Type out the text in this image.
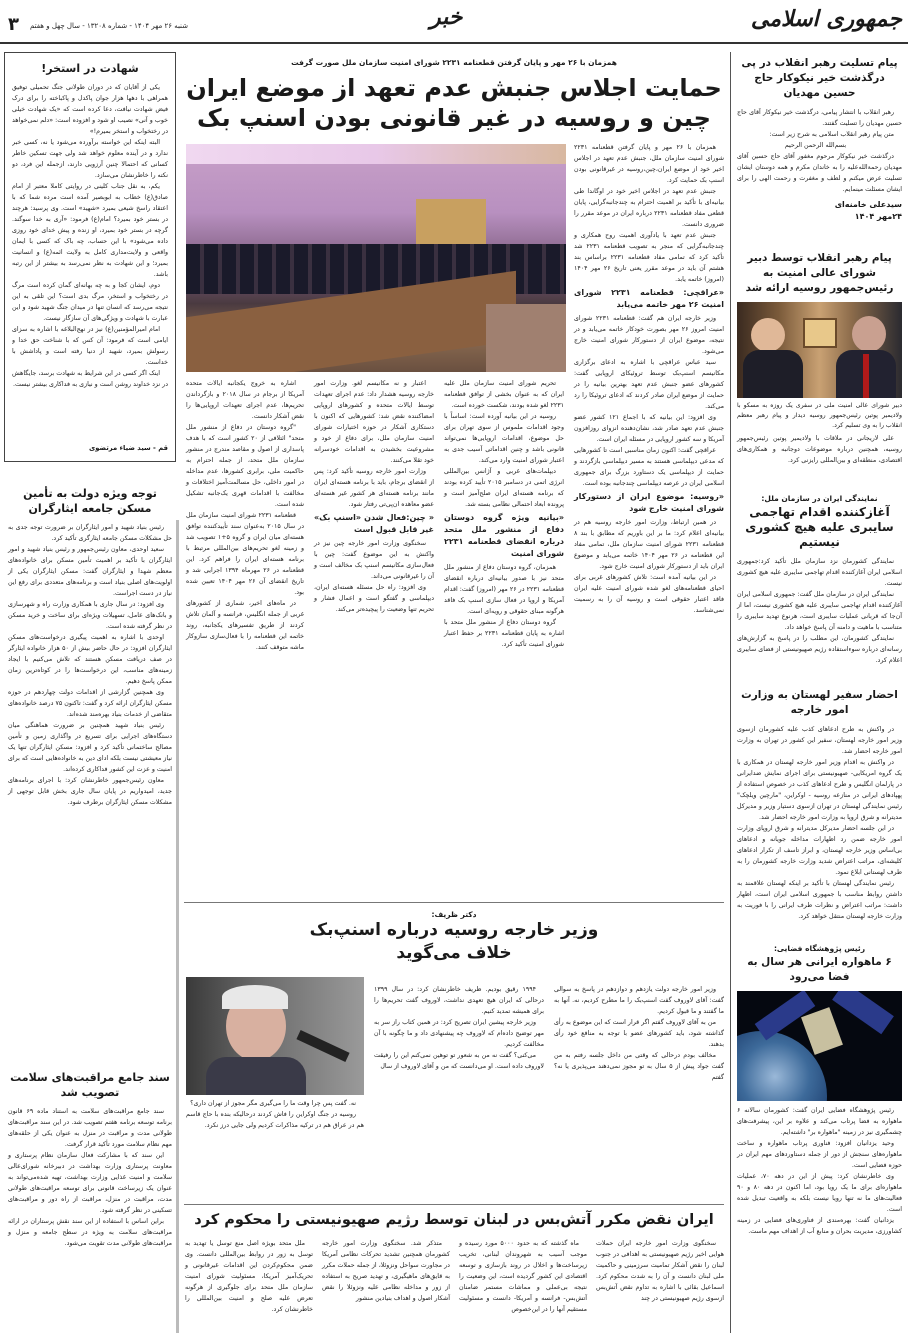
جمهوری اسلامی
خبر
شنبه ۲۶ مهر ۱۴۰۴ - شماره ۱۳۲۰۸ - سال چهل و هفتم
۳
پیام تسلیت رهبر انقلاب در پی درگذشت خیر نیکوکار حاج حسین مهدیان

رهبر انقلاب با انتشار پیامی، درگذشت خیر نیکوکار آقای حاج حسین مهدیان را تسلیت گفتند.

متن پیام رهبر انقلاب اسلامی به شرح زیر است:

بسم‌الله الرحمن الرحیم

درگذشت خیر نیکوکار مرحوم مغفور آقای حاج حسین آقای مهدیان رحمةالله‌علیه را به خاندان مکرم و همه دوستان ایشان تسلیت عرض میکنم و لطف و مغفرت و رحمت الهی را برای ایشان مسئلت مینمایم.

سیدعلی خامنه‌ای
۲۴مهر ۱۴۰۴
پیام رهبر انقلاب توسط دبیر شورای عالی امنیت به رئیس‌جمهور روسیه ارائه شد
دبیر شورای عالی امنیت ملی در سفری یک روزه به مسکو با ولادیمیر پوتین رئیس‌جمهور روسیه دیدار و پیام رهبر معظم انقلاب را به وی تسلیم کرد.

علی لاریجانی در ملاقات با ولادیمیر پوتین رئیس‌جمهور روسیه، همچنین درباره موضوعات دوجانبه و همکاری‌های اقتصادی، منطقه‌ای و بین‌المللی رایزنی کرد.

نمایندگی ایران در سازمان ملل:
آغازکننده اقدام تهاجمی سایبری علیه هیچ کشوری نیستیم

نمایندگی کشورمان نزد سازمان ملل تأکید کرد:جمهوری اسلامی ایران آغازکننده اقدام تهاجمی سایبری علیه هیچ کشوری نیست.

نمایندگی ایران در سازمان ملل گفت: جمهوری اسلامی ایران آغازکننده اقدام تهاجمی سایبری علیه هیچ کشوری نیست، اما از آن‌جا که قربانی عملیات سایبری است، هرنوع تهدید سایبری را متناسب با ماهیت و دامنه آن پاسخ خواهد داد.

نمایندگی کشورمان، این مطلب را در پاسخ به گزارش‌های رسانه‌ای درباره سوءاستفاده رژیم صهیونیستی از فضای سایبری اعلام کرد.

احضار سفیر لهستان به وزارت امور خارجه

در واکنش به طرح ادعاهای کذب علیه کشورمان ازسوی وزیر امور خارجه لهستان، سفیر این کشور در تهران به وزارت امور خارجه احضار شد.

در واکنش به اقدام وزیر امور خارجه لهستان در همکاری با یک گروه امریکایی- صهیونیستی برای اجرای نمایش ضدایرانی در پارلمان انگلیس و طرح ادعاهای کذب در خصوص استفاده از پهپادهای ایرانی در منازعه روسیه - اوکراین، "مارچین ویلچک" رئیس نمایندگی لهستان در تهران ازسوی دستیار وزیر و مدیرکل مدیترانه و شرق اروپا به وزارت امور خارجه احضار شد.

در این جلسه احضار مدیرکل مدیترانه و شرق اروپای وزارت امور خارجه ضمن رد اظهارات مداخله جویانه و ادعاهای بی‌اساس وزیر خارجه لهستان، و ابراز تاسف از تکرار ادعاهای کلیشه‌ای، مراتب اعتراض شدید وزارت خارجه کشورمان را به طرف لهستانی ابلاغ نمود.

رئیس نمایندگی لهستان با تأکید بر اینکه لهستان علاقمند به داشتن روابط مناسب با جمهوری اسلامی ایران است، اظهار داشت: مراتب اعتراض و نظرات طرف ایرانی را با فوریت به وزارت خارجه لهستان منتقل خواهد کرد.

رئیس پژوهشگاه فضایی:
۶ ماهواره ایرانی هر سال به فضا می‌رود

رئیس پژوهشگاه فضایی ایران گفت: کشورمان سالانه ۶ ماهواره به فضا پرتاب می‌کند و علاوه بر این، پیشرفت‌های چشمگیری نیز در زمینه "ماهواره بر" داشته‌ایم.

وحید یزدانیان افزود: فناوری پرتاب ماهواره و ساخت ماهواره‌های سنجش از دور از جمله دستاوردهای مهم ایران در حوزه فضایی است.

وی خاطرنشان کرد: پیش از این در دهه ۷۰، عملیات ماهواره‌ای برای ما یک رویا بود، اما اکنون در دهه ۸۰ و ۹۰ فعالیت‌های ما نه تنها رویا نیست بلکه به واقعیت تبدیل شده است.

یزدانیان گفت: بهره‌مندی از فناوری‌های فضایی در زمینه کشاورزی، مدیریت بحران و منابع آب از اهداف مهم ماست.

همزمان با ۲۶ مهر و پایان گرفتن قطعنامه ۲۲۳۱ شورای امنیت سازمان ملل صورت گرفت
حمایت اجلاس جنبش عدم تعهد از موضع ایران
چین و روسیه در غیر قانونی بودن اسنپ بک

همزمان با ۲۶ مهر و پایان گرفتن قطعنامه ۲۲۳۱ شورای امنیت سازمان ملل، جنبش عدم تعهد در اجلاس اخیر خود از موضع ایران،چین،روسیه در غیرقانونی بودن اسنپ بک حمایت کرد.

جنبش عدم تعهد در اجلاس اخیر خود در اوگاندا طی بیانیه‌ای با تأکید بر اهمیت احترام به چندجانبه‌گرایی، پایان قطعی مفاد قطعنامه ۲۲۳۱ درباره ایران در موعد مقرر را ضروری دانست.

جنبش عدم تعهد با یادآوری اهمیت روح همکاری و چندجانبه‌گرایی که منجر به تصویب قطعنامه ۲۲۳۱ شد تأکید کرد که تمامی مفاد قطعنامه ۲۲۳۱ براساس بند هشتم آن باید در موعد مقرر یعنی تاریخ ۲۶ مهر ۱۴۰۴ (امروز) خاتمه یابد.

«عراقچی: قطعنامه ۲۲۳۱ شورای امنیت ۲۶ مهر خاتمه می‌یابد

وزیر خارجه ایران هم گفت: قطعنامه ۲۲۳۱ شورای امنیت امروز ۲۶ مهر بصورت خودکار خاتمه می‌یابد و در نتیجه، موضوع ایران از دستورکار شورای امنیت خارج می‌شود.

سید عباس عراقچی با اشاره به ادعای برگزاری مکانیسم اسنپ‌بک توسط تروئیکای اروپایی گفت: کشورهای عضو جنبش عدم تعهد بهترین بیانیه را در حمایت از موضع ایران صادر کردند که ادعای تروئیکا را رد می‌کند.

وی افزود: این بیانیه که با اجماع ۱۲۱ کشور عضو جنبش عدم تعهد صادر شد، نشان‌دهنده انزوای روزافزون آمریکا و سه کشور اروپایی در مسئله ایران است.

عراقچی گفت: اکنون زمان مناسبی است تا کشورهایی که مدعی دیپلماسی هستند به مسیر دیپلماسی بازگردند و حمایت از دیپلماسی یک دستاورد بزرگ برای جمهوری اسلامی ایران در عرصه دیپلماسی چندجانبه بوده است.

«روسیه: موضوع ایران از دستورکار شورای امنیت خارج شود

در همین ارتباط، وزارت امور خارجه روسیه هم در بیانیه‌ای اعلام کرد: ما بر این باوریم که مطابق با بند ۸ قطعنامه ۲۲۳۱ شورای امنیت سازمان ملل، تمامی مفاد این قطعنامه در ۲۶ مهر ۱۴۰۴ خاتمه می‌یابد و موضوع ایران باید از دستورکار شورای امنیت خارج شود.

در این بیانیه آمده است: تلاش کشورهای غربی برای احیای قطعنامه‌های لغو شده شورای امنیت علیه ایران فاقد اعتبار حقوقی است و روسیه آن را به رسمیت نمی‌شناسد.

تحریم شورای امنیت سازمان ملل علیه ایران که به عنوان بخشی از توافق قطعنامه ۲۲۳۱ لغو شده بودند، شکست خورده است.

روسیه در این بیانیه آورده است: اساساً با وجود اقدامات ملموس از سوی تهران برای حل موضوع، اقدامات اروپایی‌ها نمی‌تواند قانونی باشد و چنین اقداماتی آسیب جدی به اعتبار شورای امنیت وارد می‌کند.

دیپلمات‌های غربی و آژانس بین‌المللی انرژی اتمی در دسامبر ۲۰۱۵ تأیید کرده بودند که برنامه هسته‌ای ایران صلح‌آمیز است و پرونده ابعاد احتمالی نظامی بسته شد.

«بیانیه ویژه گروه دوستان دفاع از منشور ملل متحد درباره انقضای قطعنامه ۲۲۳۱ شورای امنیت

همزمان، گروه دوستان دفاع از منشور ملل متحد نیز با صدور بیانیه‌ای درباره انقضای قطعنامه ۲۲۳۱ در ۲۶ مهر (امروز) گفت: اقدام آمریکا و اروپا در فعال سازی اسنپ بک فاقد هرگونه مبنای حقوقی و رویه‌ای است.

گروه دوستان دفاع از منشور ملل متحد با اشاره به پایان قطعنامه ۲۲۳۱ بر حفظ اعتبار شورای امنیت تأکید کرد.

اعتبار و نه مکانیسم لغو. وزارت امور خارجه روسیه هشدار داد: عدم اجرای تعهدات توسط ایالات متحده و کشورهای اروپایی امضاکننده نقض شد: کشورهایی که اکنون با دستکاری آشکار در حوزه اختیارات شورای امنیت سازمان ملل، برای دفاع از خود و مشروعیت بخشیدن به اقدامات خودسرانه خود تقلا می‌کنند.

وزارت امور خارجه روسیه تأکید کرد: پس از انقضای برجام، باید با برنامه هسته‌ای ایران مانند برنامه هسته‌ای هر کشور غیر هسته‌ای عضو معاهده ان‌پی‌تی رفتار شود.

« چین:فعال شدن «اسنپ بک» غیر قابل قبول است

سخنگوی وزارت امور خارجه چین نیز در واکنش به این موضوع گفت: چین با فعال‌سازی مکانیسم اسنپ بک مخالف است و آن را غیرقانونی می‌داند.

وی افزود: راه حل مسئله هسته‌ای ایران، دیپلماسی و گفتگو است و اعمال فشار و تحریم تنها وضعیت را پیچیده‌تر می‌کند.

اشاره به خروج یکجانبه ایالات متحده آمریکا از برجام در سال ۲۰۱۸ و بازگرداندن تحریم‌ها، عدم اجرای تعهدات اروپایی‌ها را نقض آشکار دانست.

"گروه دوستان در دفاع از منشور ملل متحد" ائتلافی از ۲۰ کشور است که با هدف پاسداری از اصول و مقاصد مندرج در منشور سازمان ملل متحد، از جمله احترام به حاکمیت ملی، برابری کشورها، عدم مداخله در امور داخلی، حل مسالمت‌آمیز اختلافات و مخالفت با اقدامات قهری یک‌جانبه تشکیل شده است.

قطعنامه ۲۲۳۱ شورای امنیت سازمان ملل در سال ۲۰۱۵ به‌عنوان سند تأییدکننده توافق هسته‌ای میان ایران و گروه ۵+۱ تصویب شد و زمینه لغو تحریم‌های بین‌المللی مرتبط با برنامه هسته‌ای ایران را فراهم کرد. این قطعنامه در ۲۶ مهرماه ۱۳۹۴ اجرایی شد و تاریخ انقضای آن ۲۶ مهر ۱۴۰۴ تعیین شده بود.

در ماه‌های اخیر، شماری از کشورهای غربی از جمله انگلیس، فرانسه و آلمان تلاش کردند از طریق تفسیرهای یکجانبه، روند خاتمه این قطعنامه را با فعال‌سازی سازوکار ماشه متوقف کنند.

دکتر ظریف:
وزیر خارجه روسیه درباره اسنپ‌بک
خلاف می‌گوید

نه. گفت پس چرا وقت ما را می‌گیری مگر مجوز از تهران داری؟

روسیه در جنگ اوکراین را فاش کردند درحالیکه بنده با حاج قاسم هم در عراق هم در ترکیه مذاکرات کردیم ولی جایی درز نکرد.

وزیر امور خارجه دولت یازدهم و دوازدهم در پاسخ به سوالی گفت: آقای لاوروف گفت اسنپ‌بک را ما مطرح کردیم، نه. آنها به ما گفتند و ما قبول کردیم.

من به آقای لاوروف گفتم اگر قرار است که این موضوع به رأی گذاشته شود، باید کشورهای عضو با توجه به منافع خود رأی بدهند.

مخالف بودم درحالی که وقتی من داخل جلسه رفتم به من گفت جواد پیش از ۵ سال به تو مجوز نمی‌دهند می‌پذیری یا نه؟ گفتم

۱۹۹۴ رقیق بودیم. ظریف خاطرنشان کرد: در سال ۱۳۹۹ درحالی که ایران هیچ تعهدی نداشت، لاوروف گفت تحریم‌ها را برای همیشه تمدید کنیم.

وزیر خارجه پیشین ایران تصریح کرد: در همین کتاب راز سر به مهر توضیح داده‌ام که لاوروف چه پیشنهادی داد و ما چگونه با آن مخالفت کردیم.

می‌کنی؟ گفت نه من به شعور تو توهین نمی‌کنم این را رفیقت لاوروف داده است. او می‌دانست که من و آقای لاوروف از سال

ایران نقض مکرر آتش‌بس در لبنان توسط رژیم صهیونیستی را محکوم کرد

سخنگوی وزارت امور خارجه ایران حملات هوایی اخیر رژیم صهیونیستی به اهدافی در جنوب لبنان را نقض آشکار تمامیت سرزمینی و حاکمیت ملی لبنان دانست و آن را به شدت محکوم کرد. اسماعیل بقائی با اشاره به تداوم نقض آتش‌بس ازسوی رژیم صهیونیستی در چند

ماه گذشته که به حدود ۵۰۰۰ مورد رسیده و موجب آسیب به شهروندان لبنانی، تخریب زیرساخت‌ها و اخلال در روند بازسازی و توسعه اقتصادی این کشور گردیده است، این وضعیت را نتیجه بی‌عملی و مماشات مستمر ضامنان آتش‌بس- فرانسه و آمریکا- دانست و مسئولیت مستقیم آنها را در این‌خصوص

متذکر شد. سخنگوی وزارت امور خارجه کشورمان همچنین تشدید تحرکات نظامی آمریکا در مجاورت سواحل ونزوئلا، از جمله حملات مکرر به قایق‌های ماهیگیری، و تهدید صریح به استفاده از زور و مداخله نظامی علیه ونزوئلا را نقض آشکار اصول و اهداف بنیادین منشور

ملل متحد بویژه اصل منع توسل یا تهدید به توسل به زور در روابط بین‌المللی دانست. وی ضمن محکوم‌کردن این اقدامات غیرقانونی و تحریک‌آمیز آمریکا، مسئولیت شورای امنیت سازمان ملل متحد برای جلوگیری از هرگونه تعرض علیه صلح و امنیت بین‌المللی را خاطرنشان کرد.

شهادت در استخر!

یکی از آقایان که در دوران طولانی جنگ تحمیلی توفیق همراهی با دهها هزار جوان پاکدل و پاکباخته را برای درک فیض شهادت نیافت، دعا کرده است که «یک شهادت خیلی خوب و آنی» نصیب او شود و افزوده است: «دلم نمی‌خواهد در رختخواب و استخر بمیرم!»

البته اینکه این خواسته برآورده می‌شود یا نه، کسی خبر ندارد و در آینده معلوم خواهد شد ولی جهت تسکین خاطر کسانی که احتمالا چنین آرزویی دارند، ازجمله این فرد، دو نکته را خاطرنشان می‌سازد.

یکم، به نقل جناب کلینی در روایتی کاملا معتبر از امام صادق(ع) خطاب به ابوبصیر آمده است مرده شما که با اعتقاد راسخ شیعی بمیرد «شهید» است. وی پرسید: هرچند در بستر خود بمیرد؟ امام(ع) فرمود: «آری به خدا سوگند. گرچه در بستر خود بمیرد، او زنده و پیش خدای خود روزی داده می‌شود» با این حساب، چه باک که کسی با ایمان واقعی و ولایت‌مداری کامل به ولایت ائمه(ع) و انسانیت بمیرد؛ و این شهادت به نظر نمی‌رسد به بیشتر از این رتبه باشد.

دوم، ایشان کجا و به چه بهانه‌ای گمان کرده است مرگ در رختخواب و استخر، مرگ بدی است؟ این تلقی به این نتیجه می‌رسد که انسان تنها در میدان جنگ شهید شود و این عبارت با شهادت و ویژگی‌های آن سازگار نیست.

امام امیرالمؤمنین(ع) نیز در نهج‌البلاغه با اشاره به سزای ایامی است که فرمود: آن کس که با شناخت حق خدا و رسولش بمیرد، شهید از دنیا رفته است و پاداشش با خداست.

اینک اگر کسی در این شرایط به شهادت برسد، جایگاهش در نزد خداوند روشن است و نیازی به فداکاری بیشتر نیست.

قم - سید ضیاء مرتضوی
توجه ویژه دولت به تأمین مسکن جامعه ایثارگران

رئیس بنیاد شهید و امور ایثارگران بر ضرورت توجه جدی به حل مشکلات مسکن جامعه ایثارگری تأکید کرد.

سعید اوحدی، معاون رئیس‌جمهور و رئیس بنیاد شهید و امور ایثارگران با تأکید بر اهمیت تأمین مسکن برای خانواده‌های معظم شهدا و ایثارگران گفت: مسکن ایثارگران یکی از اولویت‌های اصلی بنیاد است و برنامه‌های متعددی برای رفع این نیاز در دست اجراست.

وی افزود: در سال جاری با همکاری وزارت راه و شهرسازی و بانک‌های عامل، تسهیلات ویژه‌ای برای ساخت و خرید مسکن در نظر گرفته شده است.

اوحدی با اشاره به اهمیت پیگیری درخواست‌های مسکن ایثارگران افزود: در حال حاضر بیش از ۵۰ هزار خانواده ایثارگر در صف دریافت مسکن هستند که تلاش می‌کنیم با ایجاد زمینه‌های مناسب، این درخواست‌ها را در کوتاه‌ترین زمان ممکن پاسخ دهیم.

وی همچنین گزارشی از اقدامات دولت چهاردهم در حوزه مسکن ایثارگران ارائه کرد و گفت: تاکنون ۷۵ درصد خانواده‌های متقاضی از خدمات بنیاد بهره‌مند شده‌اند.

رئیس بنیاد شهید همچنین بر ضرورت هماهنگی میان دستگاه‌های اجرایی برای تسریع در واگذاری زمین و تأمین مصالح ساختمانی تأکید کرد و افزود: مسکن ایثارگران تنها یک نیاز معیشتی نیست بلکه ادای دین به خانواده‌هایی است که برای امنیت و عزت این کشور فداکاری کرده‌اند.

معاون رئیس‌جمهور خاطرنشان کرد: با اجرای برنامه‌های جدید، امیدواریم در پایان سال جاری بخش قابل توجهی از مشکلات مسکن ایثارگران برطرف شود.

سند جامع مراقبت‌های سلامت تصویب شد

سند جامع مراقبت‌های سلامت به استناد ماده ۶۹ قانون برنامه توسعه برنامه هفتم تصویب شد. در این سند مراقبت‌های طولانی مدت و مراقبت در منزل به عنوان یکی از حلقه‌های مهم نظام سلامت مورد تأکید قرار گرفت.

این سند که با مشارکت فعال سازمان نظام پرستاری و معاونت پرستاری وزارت بهداشت در دبیرخانه شورای‌عالی سلامت و امنیت غذایی وزارت بهداشت، تهیه شده‌می‌تواند به عنوان یک زیرساخت قانونی برای توسعه مراقبت‌های طولانی مدت، مراقبت در منزل، مراقبت از راه دور و مراقبت‌های تسکینی در نظر گرفته شود.

براین اساس با استفاده از این سند نقش پرستاران در ارائه مراقبت‌های سلامت به ویژه در سطح جامعه و منزل و مراقبت‌های طولانی مدت تقویت می‌شود.
